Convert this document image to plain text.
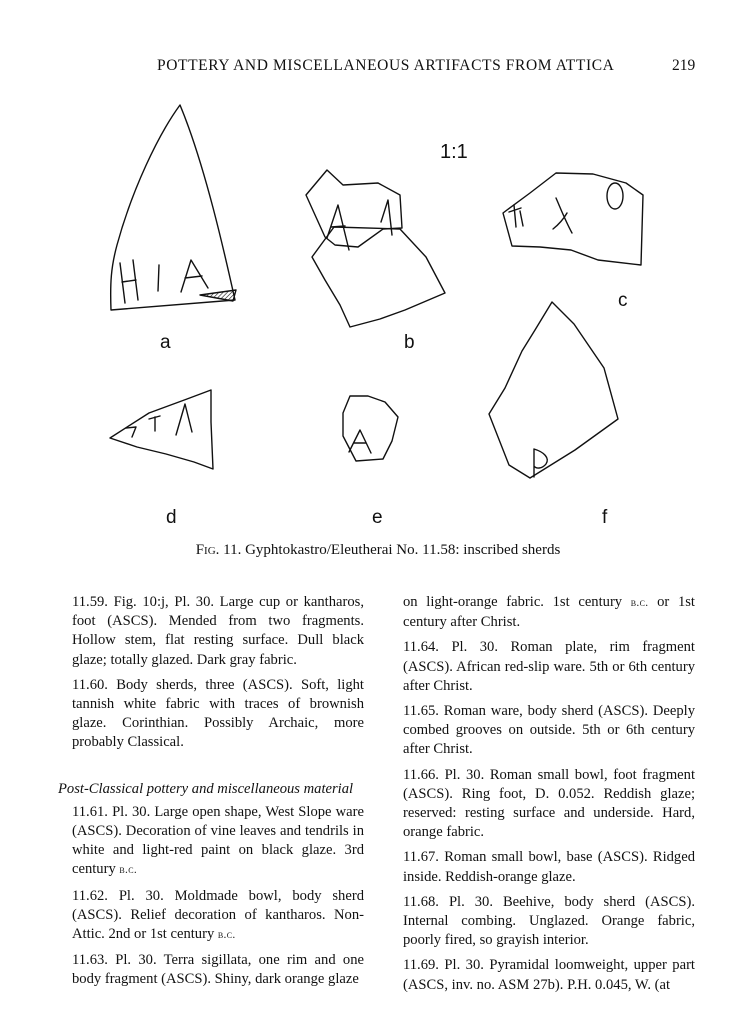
POTTERY AND MISCELLANEOUS ARTIFACTS FROM ATTICA	219
1:1
a	b
c
d	e	f
Fig. 11. Gyphtokastro/Eleutherai No. 11.58: inscribed sherds

11.59. Fig. 10:j, Pl. 30. Large cup or kantharos, foot (ASCS). Mended from two fragments. Hollow stem, flat resting surface. Dull black glaze; totally glazed. Dark gray fabric.

11.60. Body sherds, three (ASCS). Soft, light tannish white fabric with traces of brownish glaze. Corinthian. Possibly Archaic, more probably Classical.

Post-Classical pottery and miscellaneous material

11.61. Pl. 30. Large open shape, West Slope ware (ASCS). Decoration of vine leaves and tendrils in white and light-red paint on black glaze. 3rd century b.c.

11.62. Pl. 30. Moldmade bowl, body sherd (ASCS). Relief decoration of kantharos. Non-Attic. 2nd or 1st century b.c.

11.63. Pl. 30. Terra sigillata, one rim and one body fragment (ASCS). Shiny, dark orange glaze

on light-orange fabric. 1st century b.c. or 1st century after Christ.

11.64. Pl. 30. Roman plate, rim fragment (ASCS). African red-slip ware. 5th or 6th century after Christ.

11.65. Roman ware, body sherd (ASCS). Deeply combed grooves on outside. 5th or 6th century after Christ.

11.66. Pl. 30. Roman small bowl, foot fragment (ASCS). Ring foot, D. 0.052. Reddish glaze; reserved: resting surface and underside. Hard, orange fabric.

11.67. Roman small bowl, base (ASCS). Ridged inside. Reddish-orange glaze.

11.68. Pl. 30. Beehive, body sherd (ASCS). Internal combing. Unglazed. Orange fabric, poorly fired, so grayish interior.

11.69. Pl. 30. Pyramidal loomweight, upper part (ASCS, inv. no. ASM 27b). P.H. 0.045, W. (at
